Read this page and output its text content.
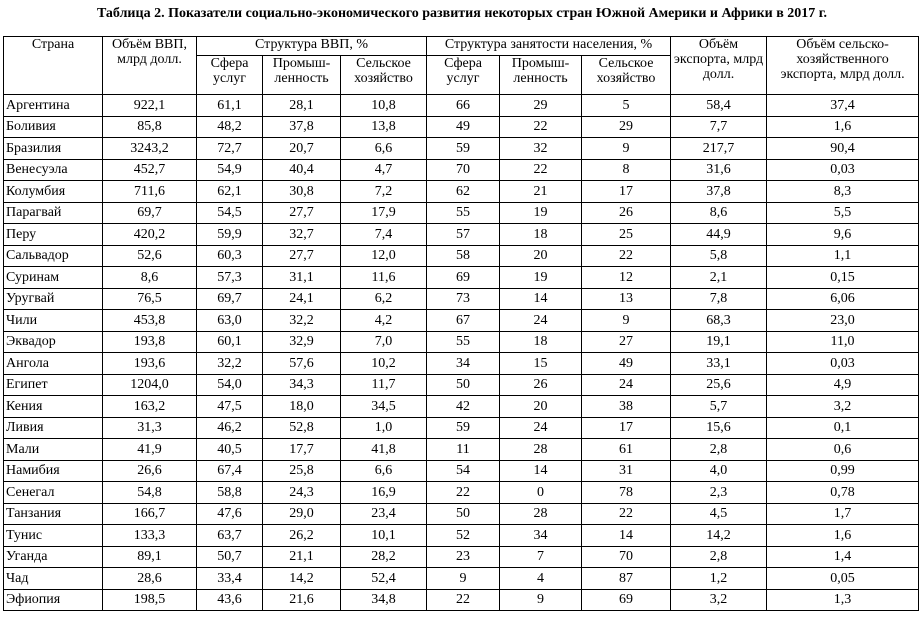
Таблица 2. Показатели социально-экономического развития некоторых стран Южной Америки и Африки в 2017 г.
Страна	Объём ВВП, млрд долл.	Структура ВВП, %			Структура занятости населения, %			Объём экспорта, млрд долл.	Объём сельско-хозяйственного экспорта, млрд долл.
		Сфера услуг	Промыш-ленность	Сельское хозяйство	Сфера услуг	Промыш-ленность	Сельское хозяйство		
Аргентина	922,1	61,1	28,1	10,8	66	29	5	58,4	37,4
Боливия	85,8	48,2	37,8	13,8	49	22	29	7,7	1,6
Бразилия	3243,2	72,7	20,7	6,6	59	32	9	217,7	90,4
Венесуэла	452,7	54,9	40,4	4,7	70	22	8	31,6	0,03
Колумбия	711,6	62,1	30,8	7,2	62	21	17	37,8	8,3
Парагвай	69,7	54,5	27,7	17,9	55	19	26	8,6	5,5
Перу	420,2	59,9	32,7	7,4	57	18	25	44,9	9,6
Сальвадор	52,6	60,3	27,7	12,0	58	20	22	5,8	1,1
Суринам	8,6	57,3	31,1	11,6	69	19	12	2,1	0,15
Уругвай	76,5	69,7	24,1	6,2	73	14	13	7,8	6,06
Чили	453,8	63,0	32,2	4,2	67	24	9	68,3	23,0
Эквадор	193,8	60,1	32,9	7,0	55	18	27	19,1	11,0
Ангола	193,6	32,2	57,6	10,2	34	15	49	33,1	0,03
Египет	1204,0	54,0	34,3	11,7	50	26	24	25,6	4,9
Кения	163,2	47,5	18,0	34,5	42	20	38	5,7	3,2
Ливия	31,3	46,2	52,8	1,0	59	24	17	15,6	0,1
Мали	41,9	40,5	17,7	41,8	11	28	61	2,8	0,6
Намибия	26,6	67,4	25,8	6,6	54	14	31	4,0	0,99
Сенегал	54,8	58,8	24,3	16,9	22	0	78	2,3	0,78
Танзания	166,7	47,6	29,0	23,4	50	28	22	4,5	1,7
Тунис	133,3	63,7	26,2	10,1	52	34	14	14,2	1,6
Уганда	89,1	50,7	21,1	28,2	23	7	70	2,8	1,4
Чад	28,6	33,4	14,2	52,4	9	4	87	1,2	0,05
Эфиопия	198,5	43,6	21,6	34,8	22	9	69	3,2	1,3
